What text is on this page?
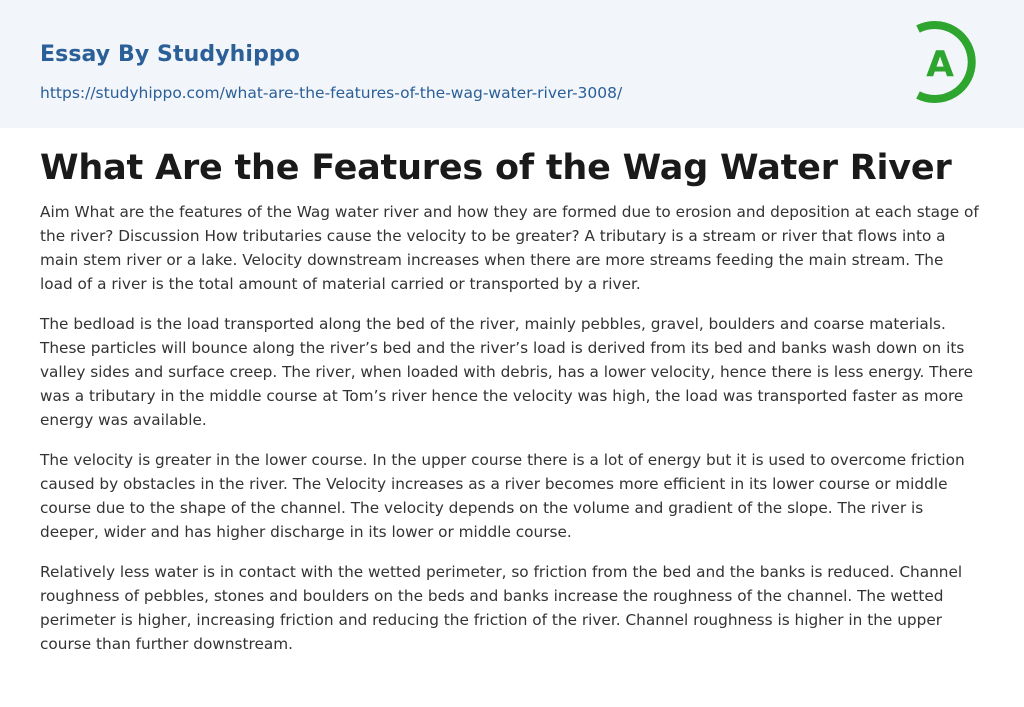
Essay By Studyhippo
https://studyhippo.com/what-are-the-features-of-the-wag-water-river-3008/
A
What Are the Features of the Wag Water River

Aim What are the features of the Wag water river and how they are formed due to erosion and deposition at each stage of the river? Discussion How tributaries cause the velocity to be greater? A tributary is a stream or river that flows into a main stem river or a lake. Velocity downstream increases when there are more streams feeding the main stream. The load of a river is the total amount of material carried or transported by a river.

The bedload is the load transported along the bed of the river, mainly pebbles, gravel, boulders and coarse materials. These particles will bounce along the river’s bed and the river’s load is derived from its bed and banks wash down on its valley sides and surface creep. The river, when loaded with debris, has a lower velocity, hence there is less energy. There was a tributary in the middle course at Tom’s river hence the velocity was high, the load was transported faster as more energy was available.

The velocity is greater in the lower course. In the upper course there is a lot of energy but it is used to overcome friction caused by obstacles in the river. The Velocity increases as a river becomes more efficient in its lower course or middle course due to the shape of the channel. The velocity depends on the volume and gradient of the slope. The river is deeper, wider and has higher discharge in its lower or middle course.

Relatively less water is in contact with the wetted perimeter, so friction from the bed and the banks is reduced. Channel roughness of pebbles, stones and boulders on the beds and banks increase the roughness of the channel. The wetted perimeter is higher, increasing friction and reducing the friction of the river. Channel roughness is higher in the upper course than further downstream.
